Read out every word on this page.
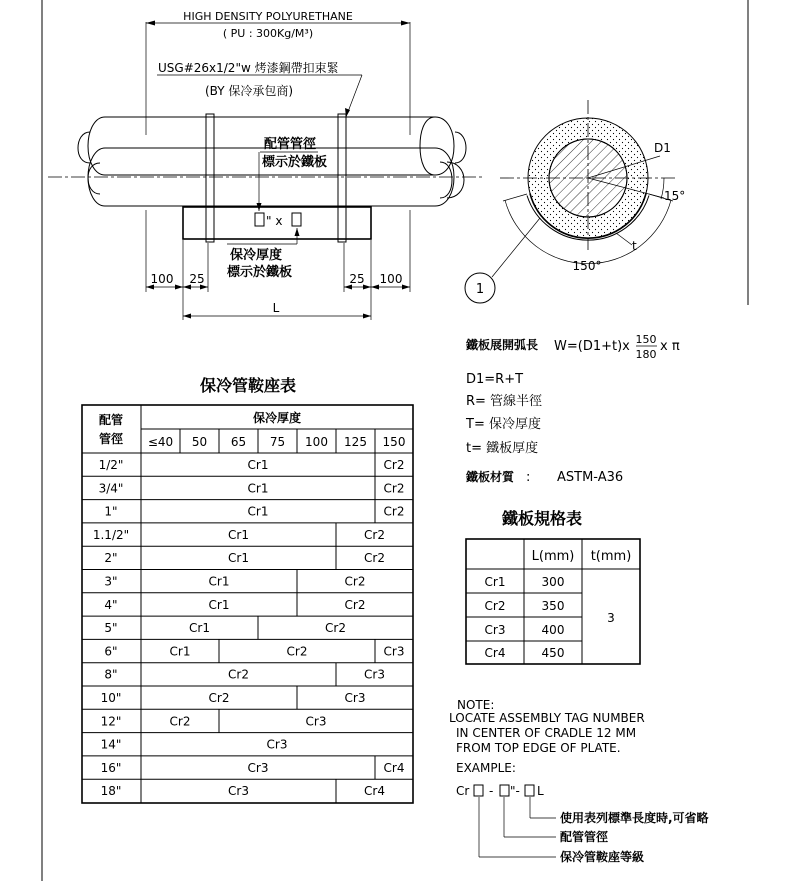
HIGH DENSITY POLYURETHANE
( PU : 300Kg/M³)
USG#26x1/2"w 烤漆鋼帶扣束緊
(BY 保冷承包商)
" x
配管管徑
標示於鐵板
保冷厚度
標示於鐵板
100 25	25 100
L
D1
15°
t
150°
1
鐵板展開弧長 W=(D1+t)x 150
180
x π
D1=R+T
R= 管線半徑
T= 保冷厚度
t= 鐵板厚度
鐵板材質 : ASTM-A36
保冷管鞍座表
配管
管徑
保冷厚度
≤40 50 65 75 100 125 150
1/2"	Cr1	Cr2
3/4"	Cr1	Cr2
1"	Cr1	Cr2
1.1/2"	Cr1	Cr2
2"	Cr1	Cr2
3"	Cr1	Cr2
4"	Cr1	Cr2
5"	Cr1	Cr2
6"	Cr1	Cr2	Cr3
8"	Cr2	Cr3
10"	Cr2	Cr3
12"	Cr2	Cr3
14"	Cr3
16"	Cr3	Cr4
18"	Cr3	Cr4
鐵板規格表
L(mm) t(mm)
Cr1	300
Cr2	350
Cr3	400
Cr4	450
3
NOTE:
LOCATE ASSEMBLY TAG NUMBER
IN CENTER OF CRADLE 12 MM
FROM TOP EDGE OF PLATE.
EXAMPLE:
Cr - "- L
使用表列標準長度時,可省略
配管管徑
保冷管鞍座等級
